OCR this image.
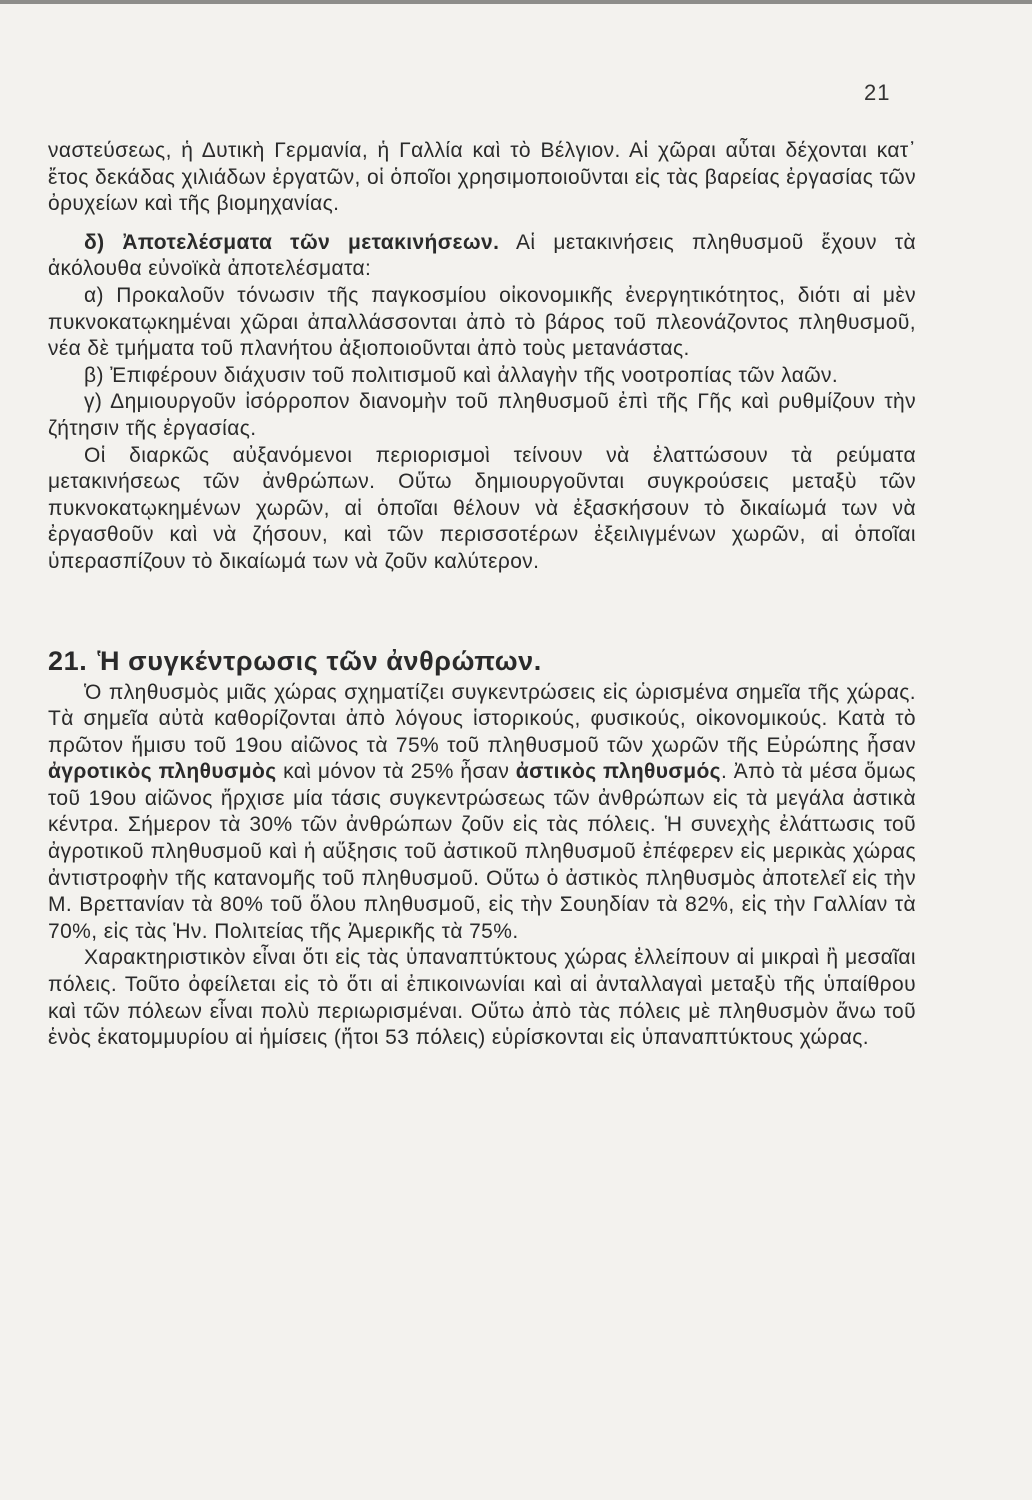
21

ναστεύσεως, ἡ Δυτικὴ Γερμανία, ἡ Γαλλία καὶ τὸ Βέλγιον. Αἱ χῶραι αὗται δέχονται κατ᾽ ἔτος δεκάδας χιλιάδων ἐργατῶν, οἱ ὁποῖοι χρησιμοποιοῦνται εἰς τὰς βαρείας ἐργασίας τῶν ὀρυχείων καὶ τῆς βιομηχανίας.

δ) Ἀποτελέσματα τῶν μετακινήσεων. Αἱ μετακινήσεις πληθυσμοῦ ἔχουν τὰ ἀκόλουθα εὐνοϊκὰ ἀποτελέσματα:

α) Προκαλοῦν τόνωσιν τῆς παγκοσμίου οἰκονομικῆς ἐνεργητικότητος, διότι αἱ μὲν πυκνοκατῳκημέναι χῶραι ἀπαλλάσσονται ἀπὸ τὸ βάρος τοῦ πλεονάζοντος πληθυσμοῦ, νέα δὲ τμήματα τοῦ πλανήτου ἀξιοποιοῦνται ἀπὸ τοὺς μετανάστας.

β) Ἐπιφέρουν διάχυσιν τοῦ πολιτισμοῦ καὶ ἀλλαγὴν τῆς νοοτροπίας τῶν λαῶν.

γ) Δημιουργοῦν ἰσόρροπον διανομὴν τοῦ πληθυσμοῦ ἐπὶ τῆς Γῆς καὶ ρυθμίζουν τὴν ζήτησιν τῆς ἐργασίας.

Οἱ διαρκῶς αὐξανόμενοι περιορισμοὶ τείνουν νὰ ἐλαττώσουν τὰ ρεύματα μετακινήσεως τῶν ἀνθρώπων. Οὕτω δημιουργοῦνται συγκρούσεις μεταξὺ τῶν πυκνοκατῳκημένων χωρῶν, αἱ ὁποῖαι θέλουν νὰ ἐξασκήσουν τὸ δικαίωμά των νὰ ἐργασθοῦν καὶ νὰ ζήσουν, καὶ τῶν περισσοτέρων ἐξειλιγμένων χωρῶν, αἱ ὁποῖαι ὑπερασπίζουν τὸ δικαίωμά των νὰ ζοῦν καλύτερον.

21. Ἡ συγκέντρωσις τῶν ἀνθρώπων.

Ὁ πληθυσμὸς μιᾶς χώρας σχηματίζει συγκεντρώσεις εἰς ὡρισμένα σημεῖα τῆς χώρας. Τὰ σημεῖα αὐτὰ καθορίζονται ἀπὸ λόγους ἱστορικούς, φυσικούς, οἰκονομικούς. Κατὰ τὸ πρῶτον ἥμισυ τοῦ 19ου αἰῶνος τὰ 75% τοῦ πληθυσμοῦ τῶν χωρῶν τῆς Εὐρώπης ἦσαν ἀγροτικὸς πληθυσμὸς καὶ μόνον τὰ 25% ἦσαν ἀστικὸς πληθυσμός. Ἀπὸ τὰ μέσα ὅμως τοῦ 19ου αἰῶνος ἤρχισε μία τάσις συγκεντρώσεως τῶν ἀνθρώπων εἰς τὰ μεγάλα ἀστικὰ κέντρα. Σήμερον τὰ 30% τῶν ἀνθρώπων ζοῦν εἰς τὰς πόλεις. Ἡ συνεχὴς ἐλάττωσις τοῦ ἀγροτικοῦ πληθυσμοῦ καὶ ἡ αὔξησις τοῦ ἀστικοῦ πληθυσμοῦ ἐπέφερεν εἰς μερικὰς χώρας ἀντιστροφὴν τῆς κατανομῆς τοῦ πληθυσμοῦ. Οὕτω ὁ ἀστικὸς πληθυσμὸς ἀποτελεῖ εἰς τὴν Μ. Βρεττανίαν τὰ 80% τοῦ ὅλου πληθυσμοῦ, εἰς τὴν Σουηδίαν τὰ 82%, εἰς τὴν Γαλλίαν τὰ 70%, εἰς τὰς Ἡν. Πολιτείας τῆς Ἀμερικῆς τὰ 75%.

Χαρακτηριστικὸν εἶναι ὅτι εἰς τὰς ὑπαναπτύκτους χώρας ἐλλείπουν αἱ μικραὶ ἢ μεσαῖαι πόλεις. Τοῦτο ὀφείλεται εἰς τὸ ὅτι αἱ ἐπικοινωνίαι καὶ αἱ ἀνταλλαγαὶ μεταξὺ τῆς ὑπαίθρου καὶ τῶν πόλεων εἶναι πολὺ περιωρισμέναι. Οὕτω ἀπὸ τὰς πόλεις μὲ πληθυσμὸν ἄνω τοῦ ἑνὸς ἑκατομμυρίου αἱ ἡμίσεις (ἤτοι 53 πόλεις) εὑρίσκονται εἰς ὑπαναπτύκτους χώρας.
